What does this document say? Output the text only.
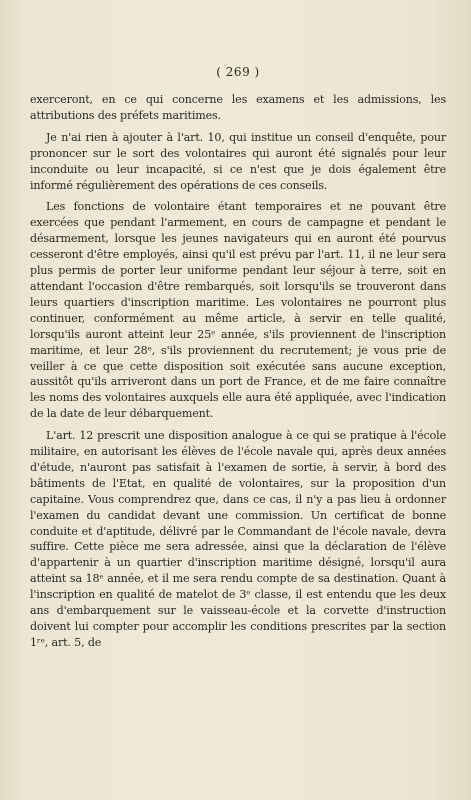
( 269 )

exerceront, en ce qui concerne les examens et les admissions, les attributions des préfets maritimes.

Je n'ai rien à ajouter à l'art. 10, qui institue un conseil d'enquête, pour prononcer sur le sort des volontaires qui auront été signalés pour leur inconduite ou leur incapacité, si ce n'est que je dois également être informé régulièrement des opérations de ces conseils.

Les fonctions de volontaire étant temporaires et ne pouvant être exercées que pendant l'armement, en cours de campagne et pendant le désarmement, lorsque les jeunes navigateurs qui en auront été pourvus cesseront d'être employés, ainsi qu'il est prévu par l'art. 11, il ne leur sera plus permis de porter leur uniforme pendant leur séjour à terre, soit en attendant l'occasion d'être rembarqués, soit lorsqu'ils se trouveront dans leurs quartiers d'inscription maritime. Les volontaires ne pourront plus continuer, conformément au même article, à servir en telle qualité, lorsqu'ils auront atteint leur 25ᵉ année, s'ils proviennent de l'inscription maritime, et leur 28ᵉ, s'ils proviennent du recrutement; je vous prie de veiller à ce que cette disposition soit exécutée sans aucune exception, aussitôt qu'ils arriveront dans un port de France, et de me faire connaître les noms des volontaires auxquels elle aura été appliquée, avec l'indication de la date de leur débarquement.

L'art. 12 prescrit une disposition analogue à ce qui se pratique à l'école militaire, en autorisant les élèves de l'école navale qui, après deux années d'étude, n'auront pas satisfait à l'examen de sortie, à servir, à bord des bâtiments de l'Etat, en qualité de volontaires, sur la proposition d'un capitaine. Vous comprendrez que, dans ce cas, il n'y a pas lieu à ordonner l'examen du candidat devant une commission. Un certificat de bonne conduite et d'aptitude, délivré par le Commandant de l'école navale, devra suffire. Cette pièce me sera adressée, ainsi que la déclaration de l'élève d'appartenir à un quartier d'inscription maritime désigné, lorsqu'il aura atteint sa 18ᵉ année, et il me sera rendu compte de sa destination. Quant à l'inscription en qualité de matelot de 3ᵉ classe, il est entendu que les deux ans d'embarquement sur le vaisseau-école et la corvette d'instruction doivent lui compter pour accomplir les conditions prescrites par la section 1ʳᵉ, art. 5, de
